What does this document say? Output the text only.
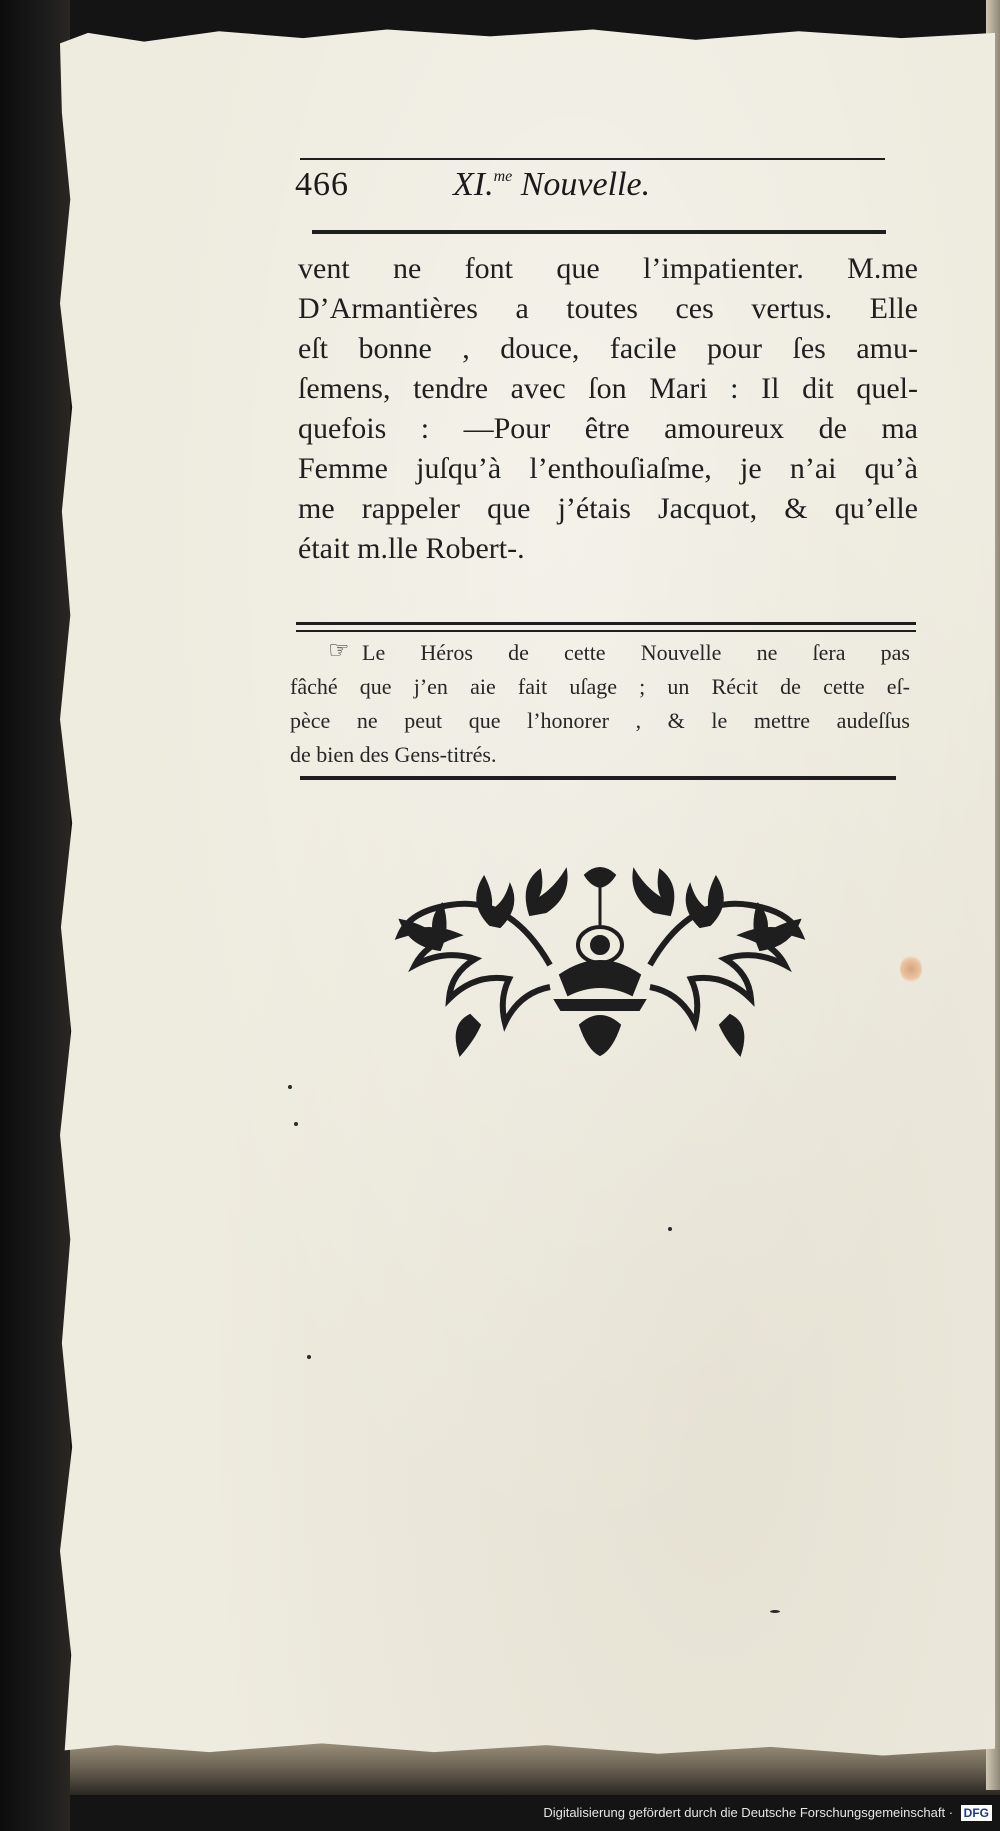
466	XI.$^{me}$ Nouvelle.
vent ne font que l’impatienter. M.me
D’Armantières a toutes ces vertus. Elle
eſt bonne , douce, facile pour ſes amu-
ſemens, tendre avec ſon Mari : Il dit quel-
quefois : —Pour être amoureux de ma
Femme juſqu’à l’enthouſiaſme, je n’ai qu’à
me rappeler que j’étais Jacquot, & qu’elle
était m.lle Robert-.
☞ Le Héros de cette Nouvelle ne ſera pas
fâché que j’en aie fait uſage ; un Récit de cette eſ-
pèce ne peut que l’honorer , & le mettre audeſſus
de bien des Gens-titrés.
Digitalisierung gefördert durch die Deutsche Forschungsgemeinschaft · DFG
